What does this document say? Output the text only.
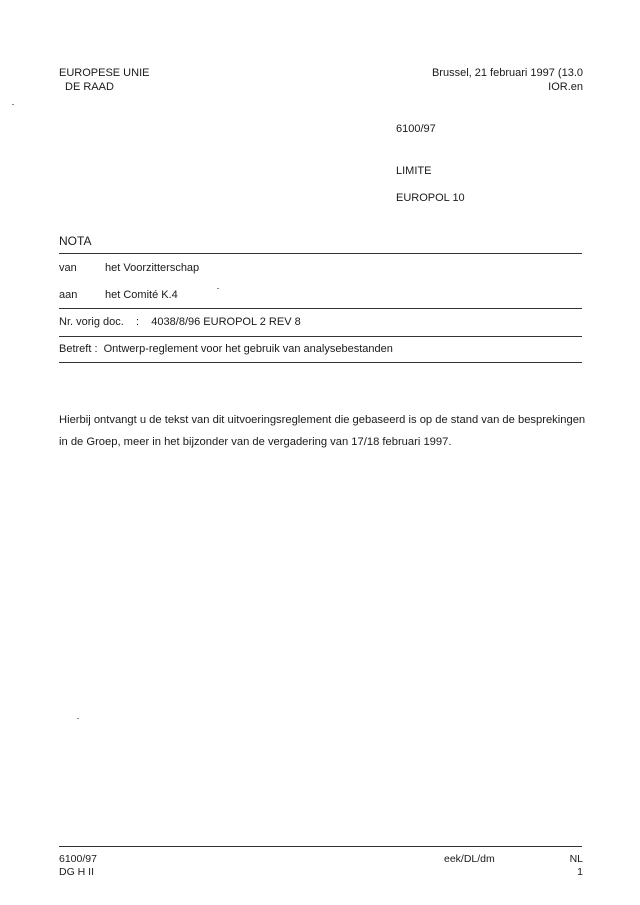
EUROPESE UNIE
DE RAAD
Brussel, 21 februari 1997 (13.0
IOR.en
6100/97
LIMITE
EUROPOL 10
NOTA
van	het Voorzitterschap
aan	het Comité K.4
Nr. vorig doc.    :    4038/8/96 EUROPOL 2 REV 8
Betreft :  Ontwerp-reglement voor het gebruik van analysebestanden
Hierbij ontvangt u de tekst van dit uitvoeringsreglement die gebaseerd is op de stand van de besprekingen in de Groep, meer in het bijzonder van de vergadering van 17/18 februari 1997.
6100/97
DG H II
eek/DL/dm	NL
1
